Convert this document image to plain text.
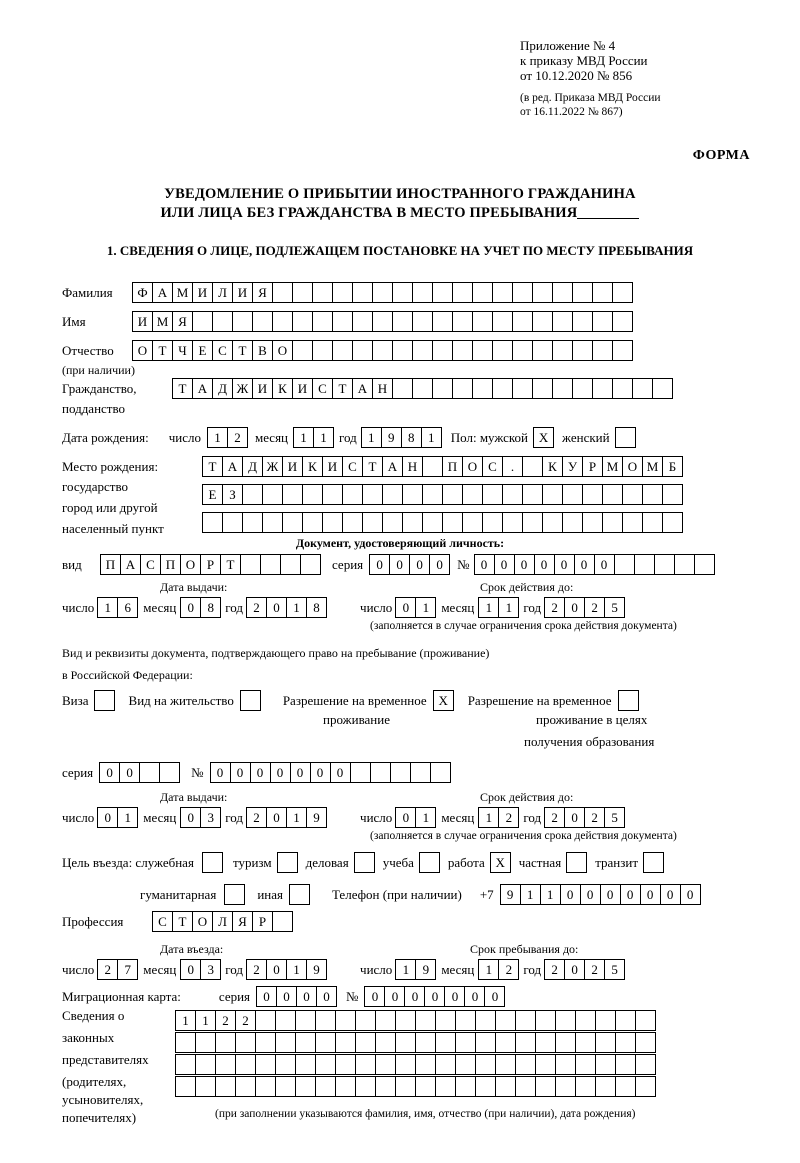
Приложение № 4
к приказу МВД России
от 10.12.2020 № 856
(в ред. Приказа МВД России
от 16.11.2022 № 867)
ФОРМА
УВЕДОМЛЕНИЕ О ПРИБЫТИИ ИНОСТРАННОГО ГРАЖДАНИНА
ИЛИ ЛИЦА БЕЗ ГРАЖДАНСТВА В МЕСТО ПРЕБЫВАНИЯ
1. СВЕДЕНИЯ О ЛИЦЕ, ПОДЛЕЖАЩЕМ ПОСТАНОВКЕ НА УЧЕТ ПО МЕСТУ ПРЕБЫВАНИЯ
Фамилия	Ф А М И Л И Я
Имя	И М Я
Отчество	О Т Ч Е С Т В О
(при наличии)
Гражданство,	Т А Д Ж И К И С Т А Н
подданство
Дата рождения: число	1	2	месяц 1	1 год 1	9	8	1	Пол: мужской Х	женский
Место рождения:	Т А Д Ж И К И С Т А Н	П О С	.	К У Р М О М Б
государство
Е З
город или другой
населенный пункт
Документ, удостоверяющий личность:
вид	П А С П О Р Т	серия	0	0	0	0	№ 0	0	0	0	0	0	0
Дата выдачи:	Срок действия до:
число 1	6 месяц 0	8 год 2	0	1	8	число 0	1 месяц 1	1 год 2	0	2	5
(заполняется в случае ограничения срока действия документа)
Вид и реквизиты документа, подтверждающего право на пребывание (проживание)
в Российской Федерации:
Виза	Вид на жительство	Разрешение на временное Х	Разрешение на временное
проживание	проживание в целях
получения образования
серия	0	0	№	0	0	0	0	0	0	0
Дата выдачи:	Срок действия до:
число 0	1 месяц 0	3 год 2	0	1	9	число 0	1 месяц 1	2 год 2	0	2	5
(заполняется в случае ограничения срока действия документа)
Цель въезда: служебная	туризм	деловая	учеба	работа Х	частная	транзит
гуманитарная	иная	Телефон (при наличии) +7	9	1	1	0	0	0	0	0	0	0
Профессия	С Т О Л Я Р
Дата въезда:	Срок пребывания до:
число 2	7 месяц 0	3 год 2	0	1	9	число 1	9 месяц 1	2 год 2	0	2	5
Миграционная карта:	серия	0	0	0	0	№	0	0	0	0	0	0	0
Сведения о
законных
представителях
(родителях,
усыновителях,
попечителях)
1	1	2	2
(при заполнении указываются фамилия, имя, отчество (при наличии), дата рождения)
